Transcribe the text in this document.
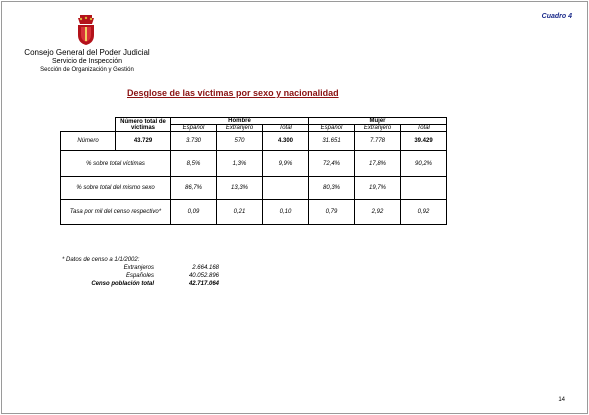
Cuadro 4
Consejo General del Poder Judicial
Servicio de Inspección
Sección de Organización y Gestión
Desglose de las víctimas por sexo y nacionalidad
	Número total de víctimas	Hombre			Mujer		
		Español	Extranjero	Total	Español	Extranjero	Total
Número	43.729	3.730	570	4.300	31.651	7.778	39.429
% sobre total víctimas		8,5%	1,3%	9,9%	72,4%	17,8%	90,2%
% sobre total del mismo sexo		86,7%	13,3%		80,3%	19,7%	
Tasa por mil del censo respectivo*		0,09	0,21	0,10	0,79	2,92	0,92
* Datos de censo a 1/1/2002:
Extranjeros	2.664.168
Españoles	40.052.896
Censo población total	42.717.064
14
